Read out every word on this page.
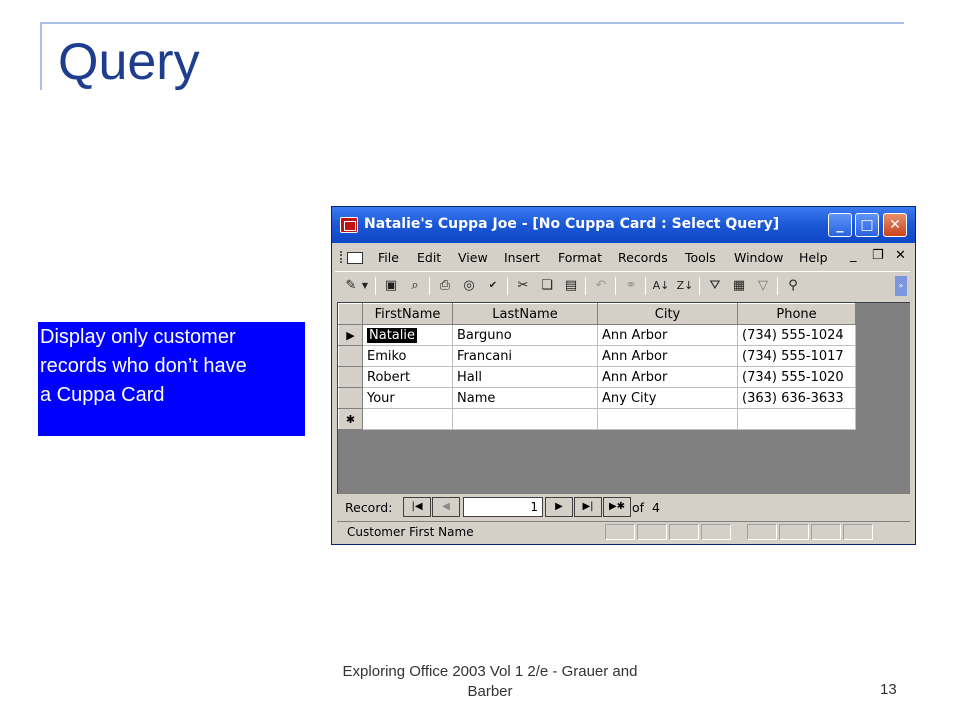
Query
Display only customer
records who don’t have
a Cuppa Card
Natalie's Cuppa Joe - [No Cuppa Card : Select Query]	_	□	✕
File Edit View Insert Format Records Tools Window Help _ ❐ ✕
✎ ▼ ▣	⌕	⎙	◎	✔	✂ ❏ ▤	↶	⚭	A↓ Z↓	⛛ ▦ ▽	⚲	»
	FirstName	LastName	City	Phone
▶	Natalie	Barguno	Ann Arbor	(734) 555-1024
	Emiko	Francani	Ann Arbor	(734) 555-1017
	Robert	Hall	Ann Arbor	(734) 555-1020
	Your	Name	Any City	(363) 636-3633
✱				
Record:	|◀	◀	1	▶	▶|	▶✱ of 4
Customer First Name
Exploring Office 2003 Vol 1 2/e - Grauer and
Barber	13
